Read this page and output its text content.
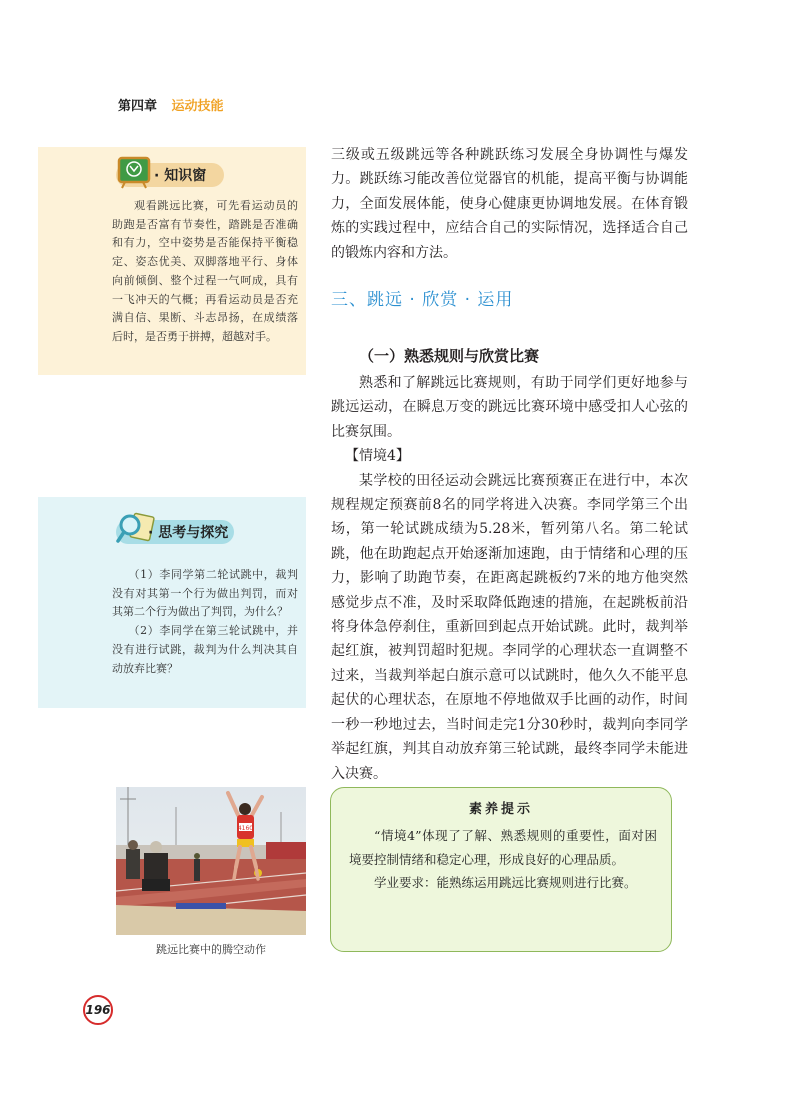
第四章 运动技能
· 知识窗

观看跳远比赛，可先看运动员的助跑是否富有节奏性，踏跳是否准确和有力，空中姿势是否能保持平衡稳定、姿态优美、双脚落地平行、身体向前倾倒、整个过程一气呵成，具有一飞冲天的气概；再看运动员是否充满自信、果断、斗志昂扬，在成绩落后时，是否勇于拼搏，超越对手。

· 思考与探究

（1）李同学第二轮试跳中，裁判没有对其第一个行为做出判罚，而对其第二个行为做出了判罚，为什么？

（2）李同学在第三轮试跳中，并没有进行试跳，裁判为什么判决其自动放弃比赛？

三级或五级跳远等各种跳跃练习发展全身协调性与爆发力。跳跃练习能改善位觉器官的机能，提高平衡与协调能力，全面发展体能，使身心健康更协调地发展。在体育锻炼的实践过程中，应结合自己的实际情况，选择适合自己的锻炼内容和方法。

三、跳远 · 欣赏 · 运用
（一）熟悉规则与欣赏比赛

熟悉和了解跳远比赛规则，有助于同学们更好地参与跳远运动，在瞬息万变的跳远比赛环境中感受扣人心弦的比赛氛围。

【情境4】

某学校的田径运动会跳远比赛预赛正在进行中，本次规程规定预赛前8名的同学将进入决赛。李同学第三个出场，第一轮试跳成绩为5.28米，暂列第八名。第二轮试跳，他在助跑起点开始逐渐加速跑，由于情绪和心理的压力，影响了助跑节奏，在距离起跳板约7米的地方他突然感觉步点不准，及时采取降低跑速的措施，在起跳板前沿将身体急停刹住，重新回到起点开始试跳。此时，裁判举起红旗，被判罚超时犯规。李同学的心理状态一直调整不过来，当裁判举起白旗示意可以试跳时，他久久不能平息起伏的心理状态，在原地不停地做双手比画的动作，时间一秒一秒地过去，当时间走完1分30秒时，裁判向李同学举起红旗，判其自动放弃第三轮试跳，最终李同学未能进入决赛。

4160
跳远比赛中的腾空动作
素养提示

“情境4”体现了了解、熟悉规则的重要性，面对困境要控制情绪和稳定心理，形成良好的心理品质。

学业要求：能熟练运用跳远比赛规则进行比赛。

196
